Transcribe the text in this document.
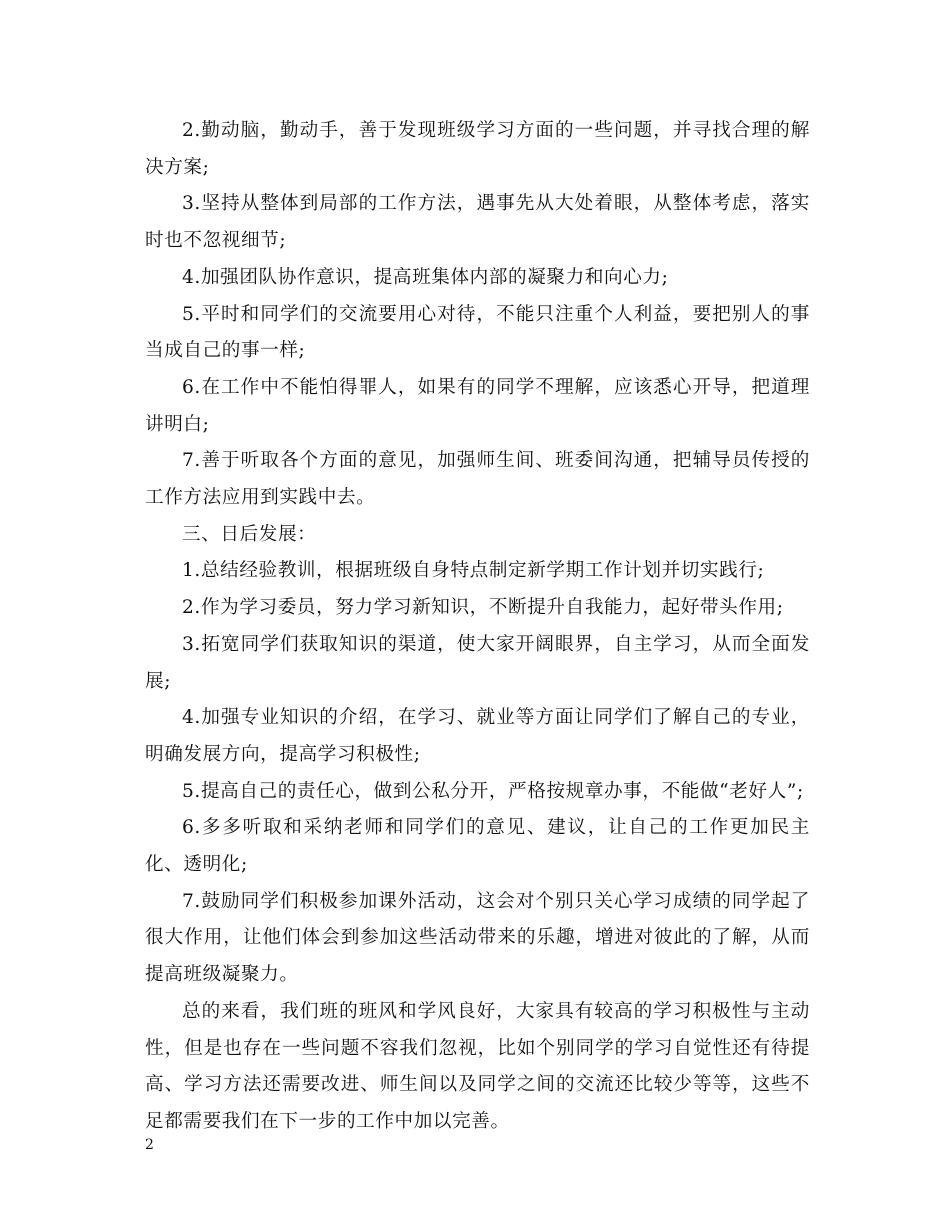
2.勤动脑，勤动手，善于发现班级学习方面的一些问题，并寻找合理的解决方案;

3.坚持从整体到局部的工作方法，遇事先从大处着眼，从整体考虑，落实时也不忽视细节;

4.加强团队协作意识，提高班集体内部的凝聚力和向心力;

5.平时和同学们的交流要用心对待，不能只注重个人利益，要把别人的事当成自己的事一样;

6.在工作中不能怕得罪人，如果有的同学不理解，应该悉心开导，把道理讲明白;

7.善于听取各个方面的意见，加强师生间、班委间沟通，把辅导员传授的工作方法应用到实践中去。

三、日后发展：

1.总结经验教训，根据班级自身特点制定新学期工作计划并切实践行;

2.作为学习委员，努力学习新知识，不断提升自我能力，起好带头作用;

3.拓宽同学们获取知识的渠道，使大家开阔眼界，自主学习，从而全面发展;

4.加强专业知识的介绍，在学习、就业等方面让同学们了解自己的专业，明确发展方向，提高学习积极性;

5.提高自己的责任心，做到公私分开，严格按规章办事，不能做“老好人”;

6.多多听取和采纳老师和同学们的意见、建议，让自己的工作更加民主化、透明化;

7.鼓励同学们积极参加课外活动，这会对个别只关心学习成绩的同学起了很大作用，让他们体会到参加这些活动带来的乐趣，增进对彼此的了解，从而提高班级凝聚力。

总的来看，我们班的班风和学风良好，大家具有较高的学习积极性与主动性，但是也存在一些问题不容我们忽视，比如个别同学的学习自觉性还有待提高、学习方法还需要改进、师生间以及同学之间的交流还比较少等等，这些不足都需要我们在下一步的工作中加以完善。

2
